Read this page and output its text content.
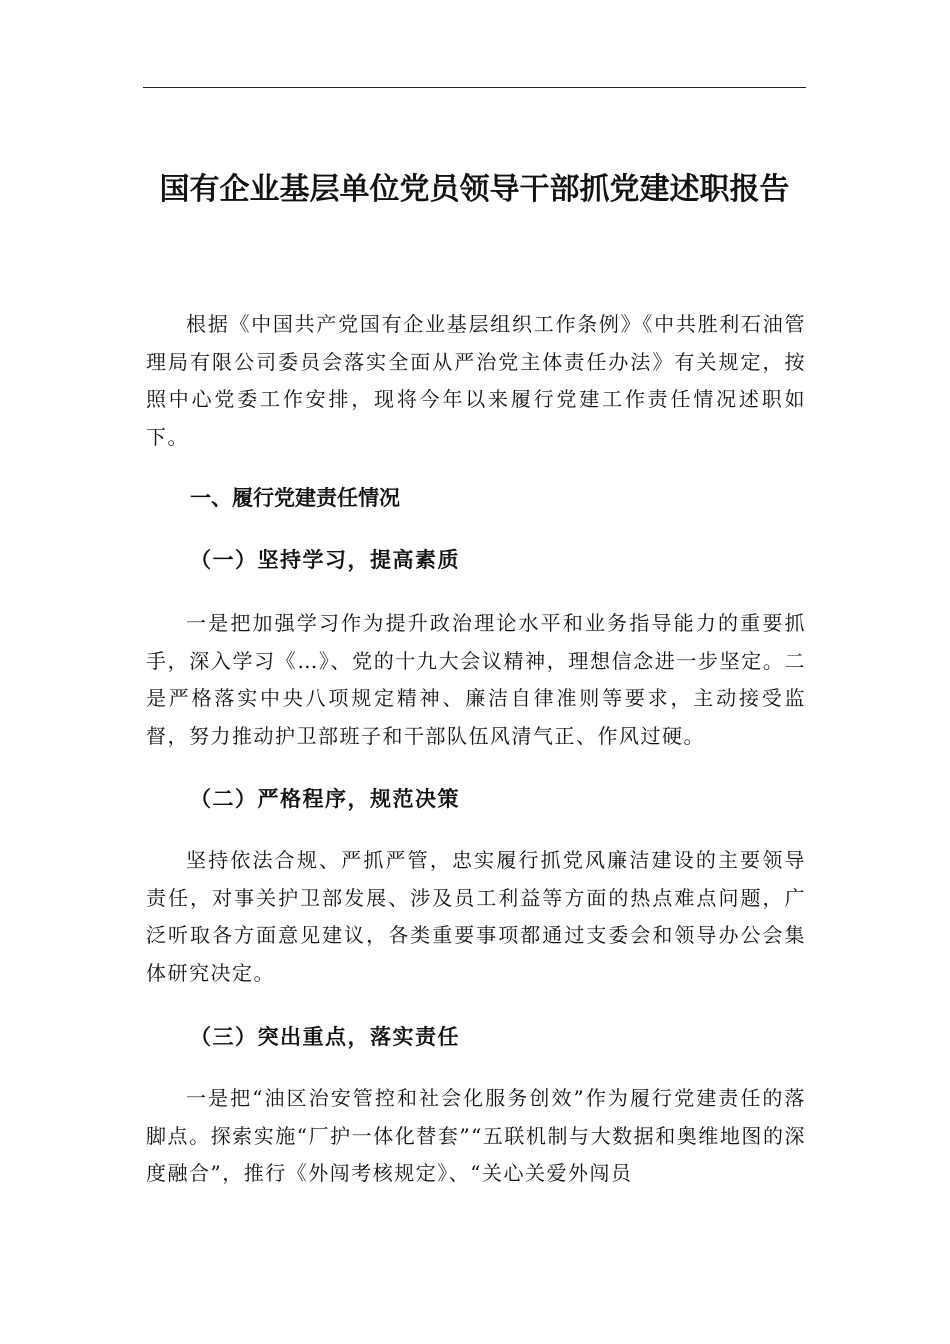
国有企业基层单位党员领导干部抓党建述职报告

根据《中国共产党国有企业基层组织工作条例》《中共胜利石油管理局有限公司委员会落实全面从严治党主体责任办法》有关规定，按照中心党委工作安排，现将今年以来履行党建工作责任情况述职如下。

一、履行党建责任情况
（一）坚持学习，提高素质

一是把加强学习作为提升政治理论水平和业务指导能力的重要抓手，深入学习《…》、党的十九大会议精神，理想信念进一步坚定。二是严格落实中央八项规定精神、廉洁自律准则等要求，主动接受监督，努力推动护卫部班子和干部队伍风清气正、作风过硬。

（二）严格程序，规范决策

坚持依法合规、严抓严管，忠实履行抓党风廉洁建设的主要领导责任，对事关护卫部发展、涉及员工利益等方面的热点难点问题，广泛听取各方面意见建议，各类重要事项都通过支委会和领导办公会集体研究决定。

（三）突出重点，落实责任

一是把“油区治安管控和社会化服务创效”作为履行党建责任的落脚点。探索实施“厂护一体化替套”“五联机制与大数据和奥维地图的深度融合”，推行《外闯考核规定》、“关心关爱外闯员
